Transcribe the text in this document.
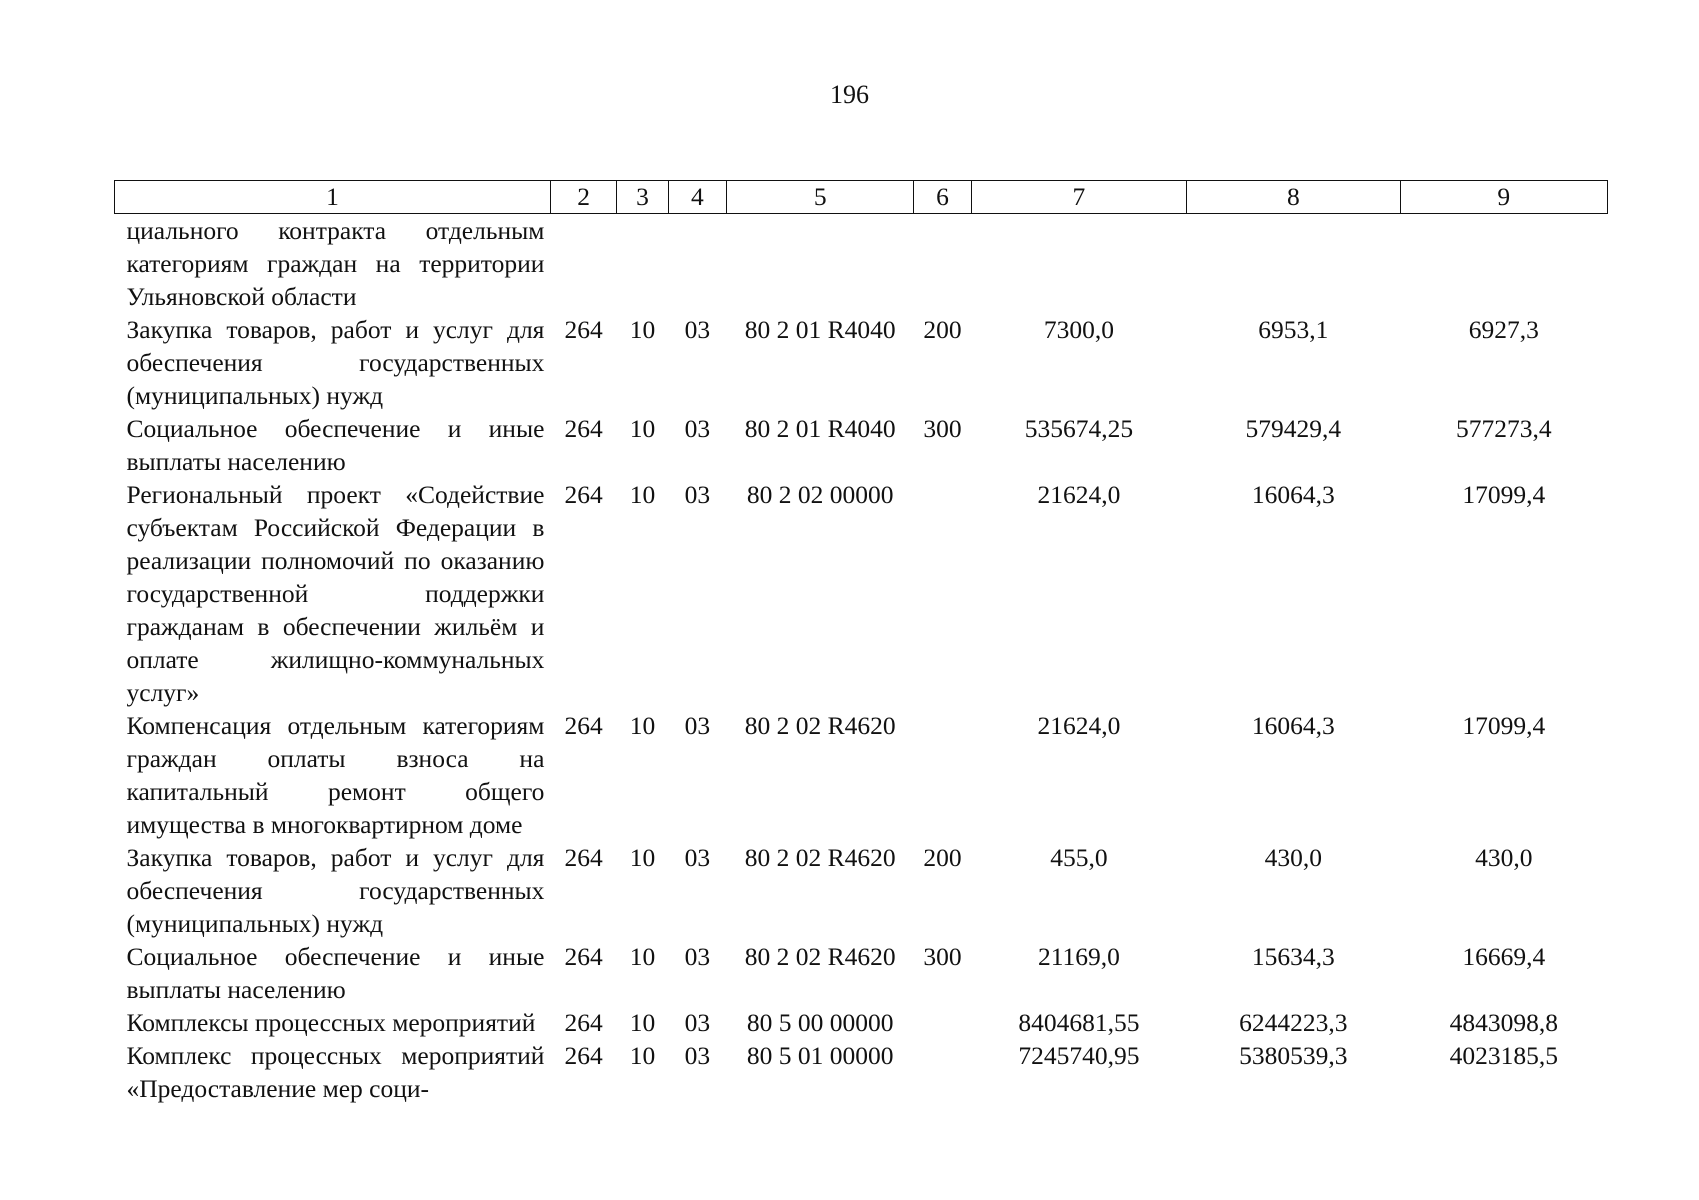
196
1	2	3	4	5	6	7	8	9
циального контракта отдельным категориям граждан на территории Ульяновской области								
Закупка товаров, работ и услуг для обеспечения государственных (муниципальных) нужд	264	10	03	80 2 01 R4040	200	7300,0	6953,1	6927,3
Социальное обеспечение и иные выплаты населению	264	10	03	80 2 01 R4040	300	535674,25	579429,4	577273,4
Региональный проект «Содействие субъектам Российской Федерации в реализации полномочий по оказанию государственной поддержки гражданам в обеспечении жильём и оплате жилищно-коммунальных услуг»	264	10	03	80 2 02 00000		21624,0	16064,3	17099,4
Компенсация отдельным категориям граждан оплаты взноса на капитальный ремонт общего имущества в многоквартирном доме	264	10	03	80 2 02 R4620		21624,0	16064,3	17099,4
Закупка товаров, работ и услуг для обеспечения государственных (муниципальных) нужд	264	10	03	80 2 02 R4620	200	455,0	430,0	430,0
Социальное обеспечение и иные выплаты населению	264	10	03	80 2 02 R4620	300	21169,0	15634,3	16669,4
Комплексы процессных мероприятий	264	10	03	80 5 00 00000		8404681,55	6244223,3	4843098,8
Комплекс процессных мероприятий «Предоставление мер соци-	264	10	03	80 5 01 00000		7245740,95	5380539,3	4023185,5
